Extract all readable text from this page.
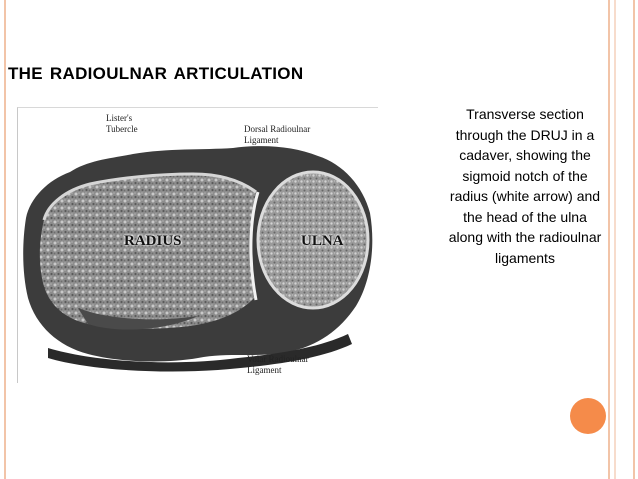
THE RADIOULNAR ARTICULATION
Lister's
Tubercle	Dorsal Radioulnar
Ligament
Volar Radioulnar
Ligament
RADIUS	ULNA
Transverse section through the DRUJ in a cadaver, showing the sigmoid notch of the radius (white arrow) and the head of the ulna along with the radioulnar ligaments
